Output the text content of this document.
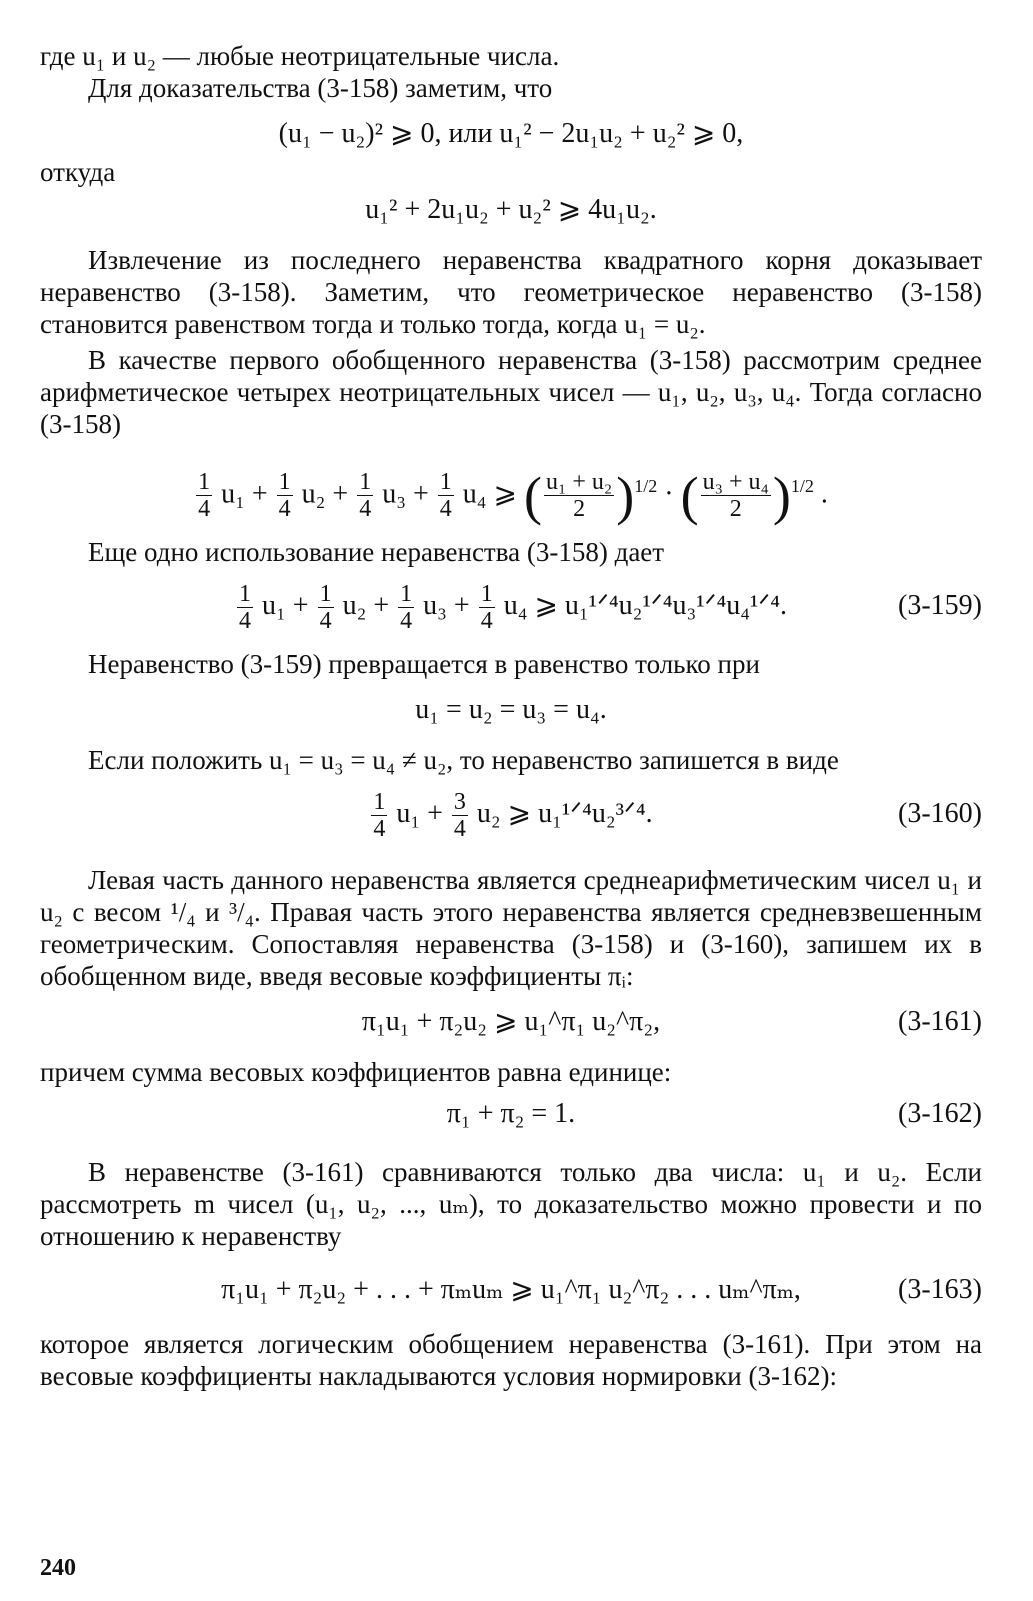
где u₁ и u₂ — любые неотрицательные числа.

Для доказательства (3-158) заметим, что

(u₁ − u₂)² ⩾ 0, или u₁² − 2u₁u₂ + u₂² ⩾ 0,

откуда

u₁² + 2u₁u₂ + u₂² ⩾ 4u₁u₂.

Извлечение из последнего неравенства квадратного корня доказывает неравенство (3-158). Заметим, что геометрическое неравенство (3-158) становится равенством тогда и только тогда, когда u₁ = u₂.

В качестве первого обобщенного неравенства (3-158) рассмотрим среднее арифметическое четырех неотрицательных чисел — u₁, u₂, u₃, u₄. Тогда согласно (3-158)

$\frac{1}{4} u_1 + \frac{1}{4} u_2 + \frac{1}{4} u_3 + \frac{1}{4} u_4$ ⩾ ( $\frac{\text{u₁ + u₂}}{2} )^{1/2}$ · ( $\frac{\text{u₃ + u₄}}{2} )^{1/2}$ .

Еще одно использование неравенства (3-158) дает

$\frac{1}{4} u_1 + \frac{1}{4} u_2 + \frac{1}{4} u_3 + \frac{1}{4} u_4$ ⩾ u₁¹ᐟ⁴u₂¹ᐟ⁴u₃¹ᐟ⁴u₄¹ᐟ⁴.	(3-159)

Неравенство (3-159) превращается в равенство только при

u₁ = u₂ = u₃ = u₄.

Если положить u₁ = u₃ = u₄ ≠ u₂, то неравенство запишется в виде

$\frac{1}{4} u_1 + \frac{3}{4} u_2$ ⩾ u₁¹ᐟ⁴u₂³ᐟ⁴.	(3-160)

Левая часть данного неравенства является среднеарифметическим чисел u₁ и u₂ с весом ¹/₄ и ³/₄. Правая часть этого неравенства является средневзвешенным геометрическим. Сопоставляя неравенства (3-158) и (3-160), запишем их в обобщенном виде, введя весовые коэффициенты πᵢ:

π₁u₁ + π₂u₂ ⩾ u₁^π₁ u₂^π₂,	(3-161)

причем сумма весовых коэффициентов равна единице:

π₁ + π₂ = 1.	(3-162)

В неравенстве (3-161) сравниваются только два числа: u₁ и u₂. Если рассмотреть m чисел (u₁, u₂, ..., uₘ), то доказательство можно провести и по отношению к неравенству

π₁u₁ + π₂u₂ + . . . + πₘuₘ ⩾ u₁^π₁ u₂^π₂ . . . uₘ^πₘ,	(3-163)

которое является логическим обобщением неравенства (3-161). При этом на весовые коэффициенты накладываются условия нормировки (3-162):

240
